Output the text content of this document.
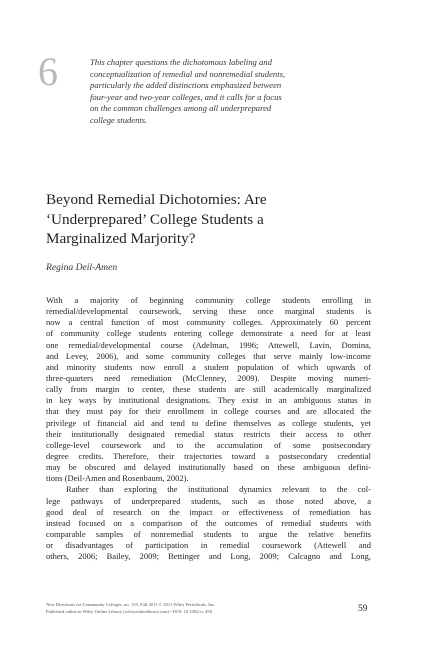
6	This chapter questions the dichotomous labeling and
conceptualization of remedial and nonremedial students,
particularly the added distinctions emphasized between
four-year and two-year colleges, and it calls for a focus
on the common challenges among all underprepared
college students.
Beyond Remedial Dichotomies: Are
‘Underprepared’ College Students a
Marginalized Marjority?
Regina Deil-Amen
With a majority of beginning community college students enrolling in
remedial/developmental coursework, serving these once marginal students is
now a central function of most community colleges. Approximately 60 percent
of community college students entering college demonstrate a need for at least
one remedial/developmental course (Adelman, 1996; Attewell, Lavin, Domina,
and Levey, 2006), and some community colleges that serve mainly low-income
and minority students now enroll a student population of which upwards of
three-quarters need remediation (McClenney, 2009). Despite moving numeri-
cally from margin to center, these students are still academically marginalized
in key ways by institutional designations. They exist in an ambiguous status in
that they must pay for their enrollment in college courses and are allocated the
privilege of financial aid and tend to define themselves as college students, yet
their institutionally designated remedial status restricts their access to other
college-level coursework and to the accumulation of some postsecondary
degree credits. Therefore, their trajectories toward a postsecondary credential
may be obscured and delayed institutionally based on these ambiguous defini-
tions (Deil-Amen and Rosenbaum, 2002).
Rather than exploring the institutional dynamics relevant to the col-
lege pathways of underprepared students, such as those noted above, a
good deal of research on the impact or effectiveness of remediation has
instead focused on a comparison of the outcomes of remedial students with
comparable samples of nonremedial students to argue the relative benefits
or disadvantages of participation in remedial coursework (Attewell and
others, 2006; Bailey, 2009; Bettinger and Long, 2009; Calcagno and Long,
New Directions for Community Colleges, no. 155, Fall 2011 © 2011 Wiley Periodicals, Inc.
Published online in Wiley Online Library (wileyonlinelibrary.com) • DOI: 10.1002/cc.458	59
